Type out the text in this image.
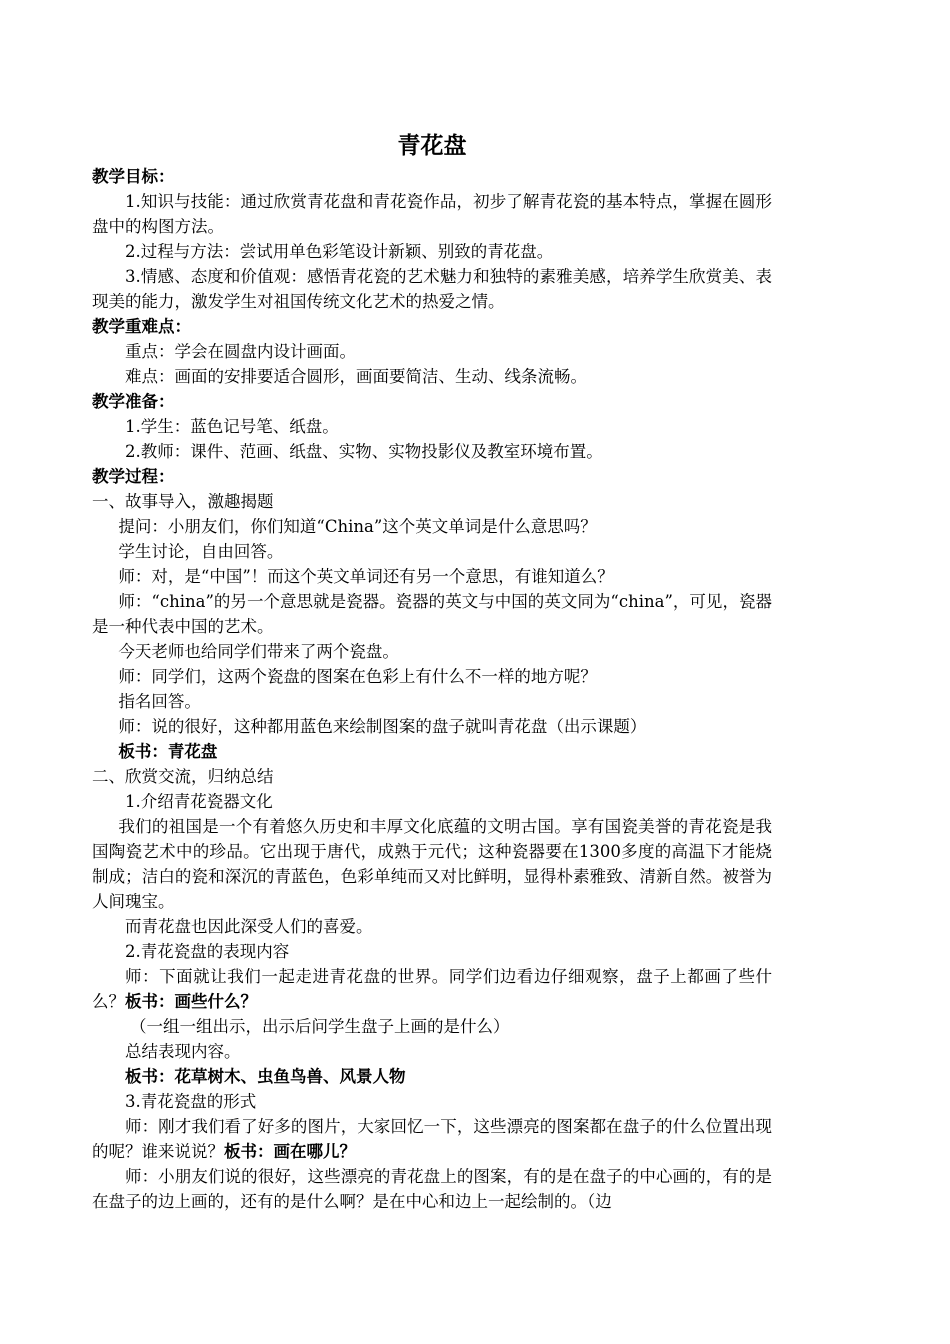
青花盘
教学目标：
1.知识与技能：通过欣赏青花盘和青花瓷作品，初步了解青花瓷的基本特点，掌握在圆形盘中的构图方法。
2.过程与方法：尝试用单色彩笔设计新颖、别致的青花盘。
3.情感、态度和价值观：感悟青花瓷的艺术魅力和独特的素雅美感，培养学生欣赏美、表现美的能力，激发学生对祖国传统文化艺术的热爱之情。
教学重难点：
重点：学会在圆盘内设计画面。
难点：画面的安排要适合圆形，画面要简洁、生动、线条流畅。
教学准备：
1.学生：蓝色记号笔、纸盘。
2.教师：课件、范画、纸盘、实物、实物投影仪及教室环境布置。
教学过程：
一、故事导入，激趣揭题
提问：小朋友们，你们知道“China”这个英文单词是什么意思吗？
学生讨论，自由回答。
师：对，是“中国”！而这个英文单词还有另一个意思，有谁知道么？
师：“china”的另一个意思就是瓷器。瓷器的英文与中国的英文同为“china”，可见，瓷器是一种代表中国的艺术。
今天老师也给同学们带来了两个瓷盘。
师：同学们，这两个瓷盘的图案在色彩上有什么不一样的地方呢？
指名回答。
师：说的很好，这种都用蓝色来绘制图案的盘子就叫青花盘（出示课题）
板书：青花盘
二、欣赏交流，归纳总结
1.介绍青花瓷器文化
我们的祖国是一个有着悠久历史和丰厚文化底蕴的文明古国。享有国瓷美誉的青花瓷是我国陶瓷艺术中的珍品。它出现于唐代，成熟于元代；这种瓷器要在1300多度的高温下才能烧制成；洁白的瓷和深沉的青蓝色，色彩单纯而又对比鲜明，显得朴素雅致、清新自然。被誉为人间瑰宝。
而青花盘也因此深受人们的喜爱。
2.青花瓷盘的表现内容
师：下面就让我们一起走进青花盘的世界。同学们边看边仔细观察，盘子上都画了些什么？板书：画些什么？
（一组一组出示，出示后问学生盘子上画的是什么）
总结表现内容。
板书：花草树木、虫鱼鸟兽、风景人物
3.青花瓷盘的形式
师：刚才我们看了好多的图片，大家回忆一下，这些漂亮的图案都在盘子的什么位置出现的呢？谁来说说？板书：画在哪儿？
师：小朋友们说的很好，这些漂亮的青花盘上的图案，有的是在盘子的中心画的，有的是在盘子的边上画的，还有的是什么啊？是在中心和边上一起绘制的。（边
